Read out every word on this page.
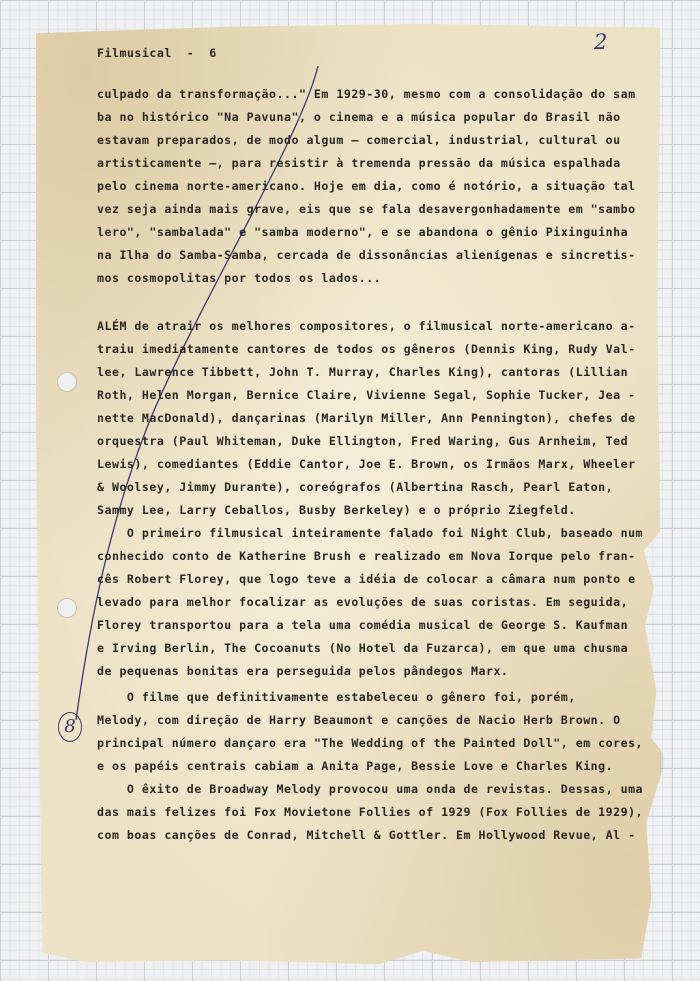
Filmusical  -  6	2
8
culpado da transformação..." Em 1929-30, mesmo com a consolidação do sam
ba no histórico "Na Pavuna", o cinema e a música popular do Brasil não
estavam preparados, de modo algum — comercial, industrial, cultural ou
artisticamente —, para resistir à tremenda pressão da música espalhada
pelo cinema norte-americano. Hoje em dia, como é notório, a situação tal
vez seja ainda mais grave, eis que se fala desavergonhadamente em "sambo
lero", "sambalada" e "samba moderno", e se abandona o gênio Pixinguinha
na Ilha do Samba-Samba, cercada de dissonâncias alienígenas e sincretis-
mos cosmopolitas por todos os lados...
ALÉM de atrair os melhores compositores, o filmusical norte-americano a-
traiu imediatamente cantores de todos os gêneros (Dennis King, Rudy Val-
lee, Lawrence Tibbett, John T. Murray, Charles King), cantoras (Lillian
Roth, Helen Morgan, Bernice Claire, Vivienne Segal, Sophie Tucker, Jea -
nette MacDonald), dançarinas (Marilyn Miller, Ann Pennington), chefes de
orquestra (Paul Whiteman, Duke Ellington, Fred Waring, Gus Arnheim, Ted
Lewis), comediantes (Eddie Cantor, Joe E. Brown, os Irmãos Marx, Wheeler
& Woolsey, Jimmy Durante), coreógrafos (Albertina Rasch, Pearl Eaton,
Sammy Lee, Larry Ceballos, Busby Berkeley) e o próprio Ziegfeld.
O primeiro filmusical inteiramente falado foi Night Club, baseado num
conhecido conto de Katherine Brush e realizado em Nova Iorque pelo fran-
cês Robert Florey, que logo teve a idéia de colocar a câmara num ponto e
levado para melhor focalizar as evoluções de suas coristas. Em seguida,
Florey transportou para a tela uma comédia musical de George S. Kaufman
e Irving Berlin, The Cocoanuts (No Hotel da Fuzarca), em que uma chusma
de pequenas bonitas era perseguida pelos pândegos Marx.
O filme que definitivamente estabeleceu o gênero foi, porém,
Melody, com direção de Harry Beaumont e canções de Nacio Herb Brown. O
principal número dançaro era "The Wedding of the Painted Doll", em cores,
e os papéis centrais cabiam a Anita Page, Bessie Love e Charles King.
O êxito de Broadway Melody provocou uma onda de revistas. Dessas, uma
das mais felizes foi Fox Movietone Follies of 1929 (Fox Follies de 1929),
com boas canções de Conrad, Mitchell & Gottler. Em Hollywood Revue, Al -
